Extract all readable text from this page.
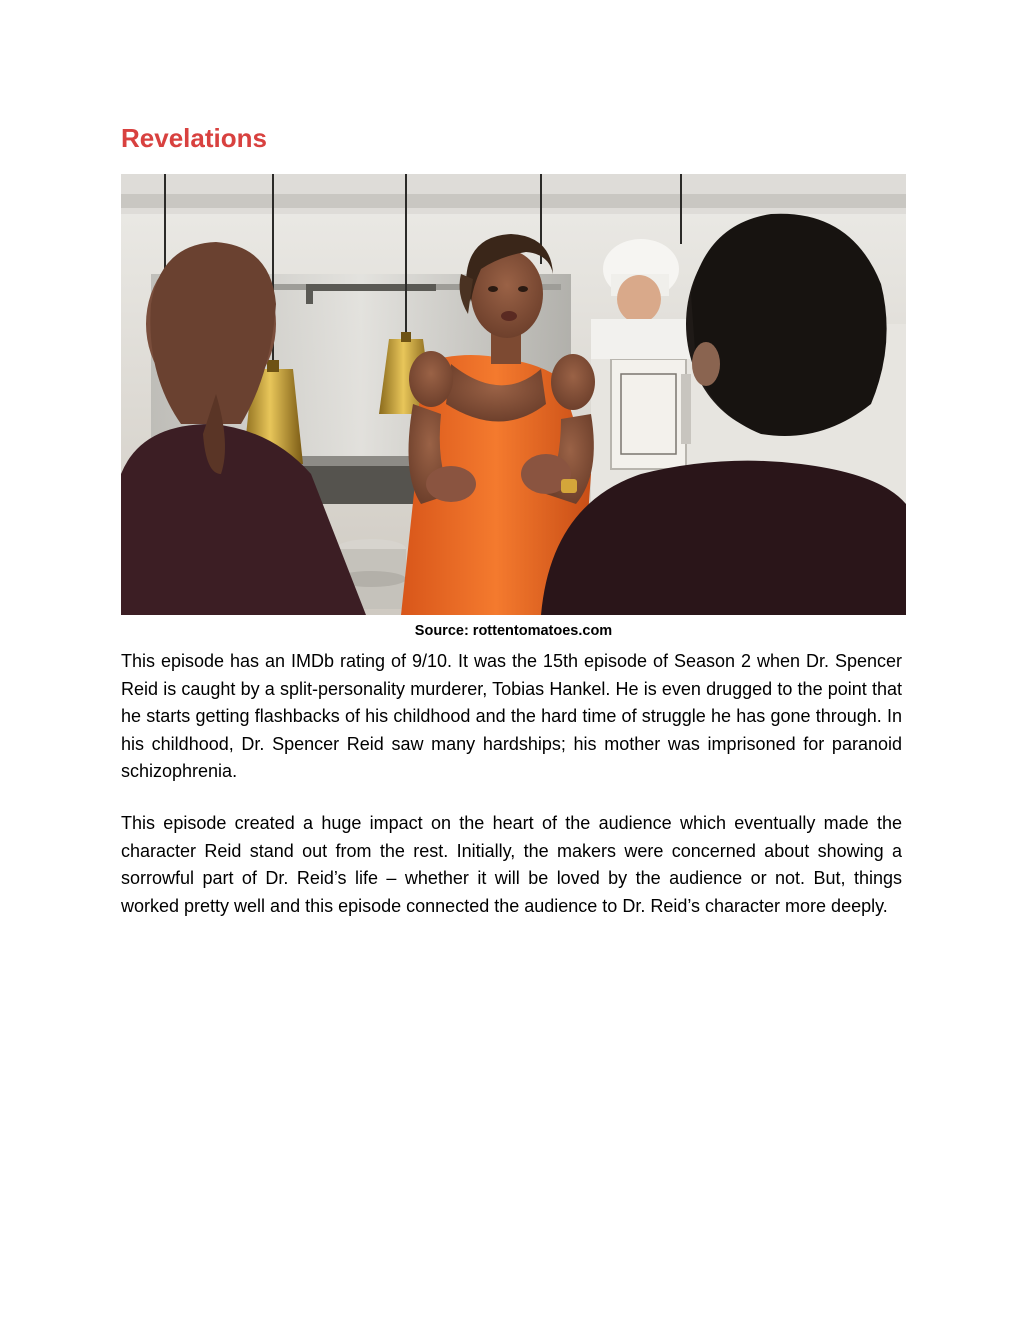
Revelations
Source: rottentomatoes.com

This episode has an IMDb rating of 9/10. It was the 15th episode of Season 2 when Dr. Spencer Reid is caught by a split-personality murderer, Tobias Hankel. He is even drugged to the point that he starts getting flashbacks of his childhood and the hard time of struggle he has gone through. In his childhood, Dr. Spencer Reid saw many hardships; his mother was imprisoned for paranoid schizophrenia.

This episode created a huge impact on the heart of the audience which eventually made the character Reid stand out from the rest. Initially, the makers were concerned about showing a sorrowful part of Dr. Reid’s life – whether it will be loved by the audience or not. But, things worked pretty well and this episode connected the audience to Dr. Reid’s character more deeply.
